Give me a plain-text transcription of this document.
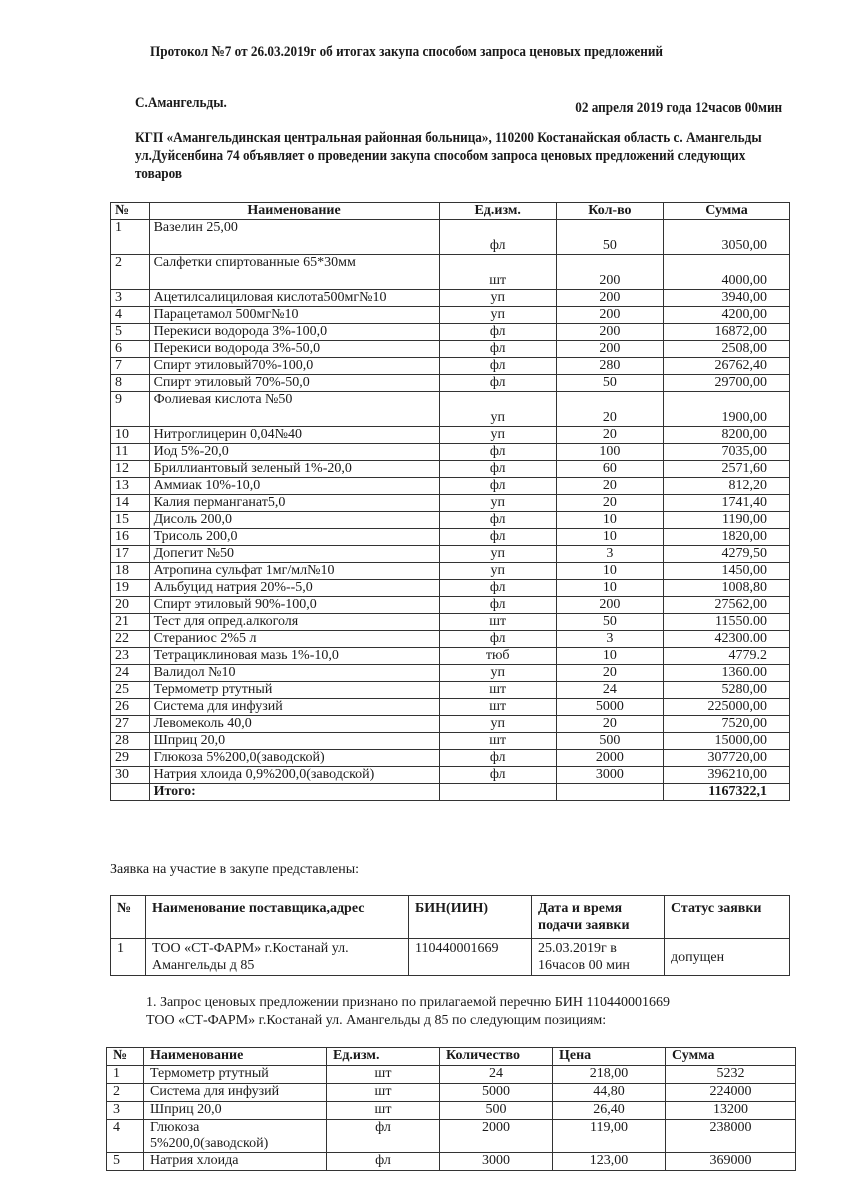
Протокол №7 от 26.03.2019г об итогах закупа способом запроса ценовых предложений
С.Амангельды.	02 апреля 2019 года 12часов 00мин
КГП «Амангельдинская центральная районная больница», 110200 Костанайская область с. Амангельды ул.Дуйсенбина 74 объявляет о проведении закупа способом запроса ценовых предложений следующих товаров
№	Наименование	Ед.изм.	Кол-во	Сумма
1	Вазелин 25,00	фл	50	3050,00
2	Салфетки спиртованные 65*30мм	шт	200	4000,00
3	Ацетилсалициловая кислота500мг№10	уп	200	3940,00
4	Парацетамол 500мг№10	уп	200	4200,00
5	Перекиси водорода 3%-100,0	фл	200	16872,00
6	Перекиси водорода 3%-50,0	фл	200	2508,00
7	Спирт этиловый70%-100,0	фл	280	26762,40
8	Спирт этиловый 70%-50,0	фл	50	29700,00
9	Фолиевая кислота №50	уп	20	1900,00
10	Нитроглицерин 0,04№40	уп	20	8200,00
11	Иод 5%-20,0	фл	100	7035,00
12	Бриллиантовый зеленый 1%-20,0	фл	60	2571,60
13	Аммиак 10%-10,0	фл	20	812,20
14	Калия перманганат5,0	уп	20	1741,40
15	Дисоль 200,0	фл	10	1190,00
16	Трисоль 200,0	фл	10	1820,00
17	Допегит №50	уп	3	4279,50
18	Атропина сульфат 1мг/мл№10	уп	10	1450,00
19	Альбуцид натрия 20%--5,0	фл	10	1008,80
20	Спирт этиловый 90%-100,0	фл	200	27562,00
21	Тест для опред.алкоголя	шт	50	11550.00
22	Стераниос 2%5 л	фл	3	42300.00
23	Тетрациклиновая мазь 1%-10,0	тюб	10	4779.2
24	Валидол №10	уп	20	1360.00
25	Термометр ртутный	шт	24	5280,00
26	Система для инфузий	шт	5000	225000,00
27	Левомеколь 40,0	уп	20	7520,00
28	Шприц 20,0	шт	500	15000,00
29	Глюкоза 5%200,0(заводской)	фл	2000	307720,00
30	Натрия хлоида 0,9%200,0(заводской)	фл	3000	396210,00
	Итого:			1167322,1
Заявка на участие в закупе представлены:
№	Наименование поставщика,адрес	БИН(ИИН)	Дата и время подачи заявки	Статус заявки
1	ТОО «СТ-ФАРМ» г.Костанай ул. Амангельды д 85	110440001669	25.03.2019г в 16часов 00 мин	допущен
1. Запрос ценовых предложении признано по прилагаемой перечню БИН 110440001669
ТОО «СТ-ФАРМ» г.Костанай ул. Амангельды д 85 по следующим позициям:
№	Наименование	Ед.изм.	Количество	Цена	Сумма
1	Термометр ртутный	шт	24	218,00	5232
2	Система для инфузий	шт	5000	44,80	224000
3	Шприц 20,0	шт	500	26,40	13200
4	Глюкоза 5%200,0(заводской)	фл	2000	119,00	238000
5	Натрия хлоида	фл	3000	123,00	369000
